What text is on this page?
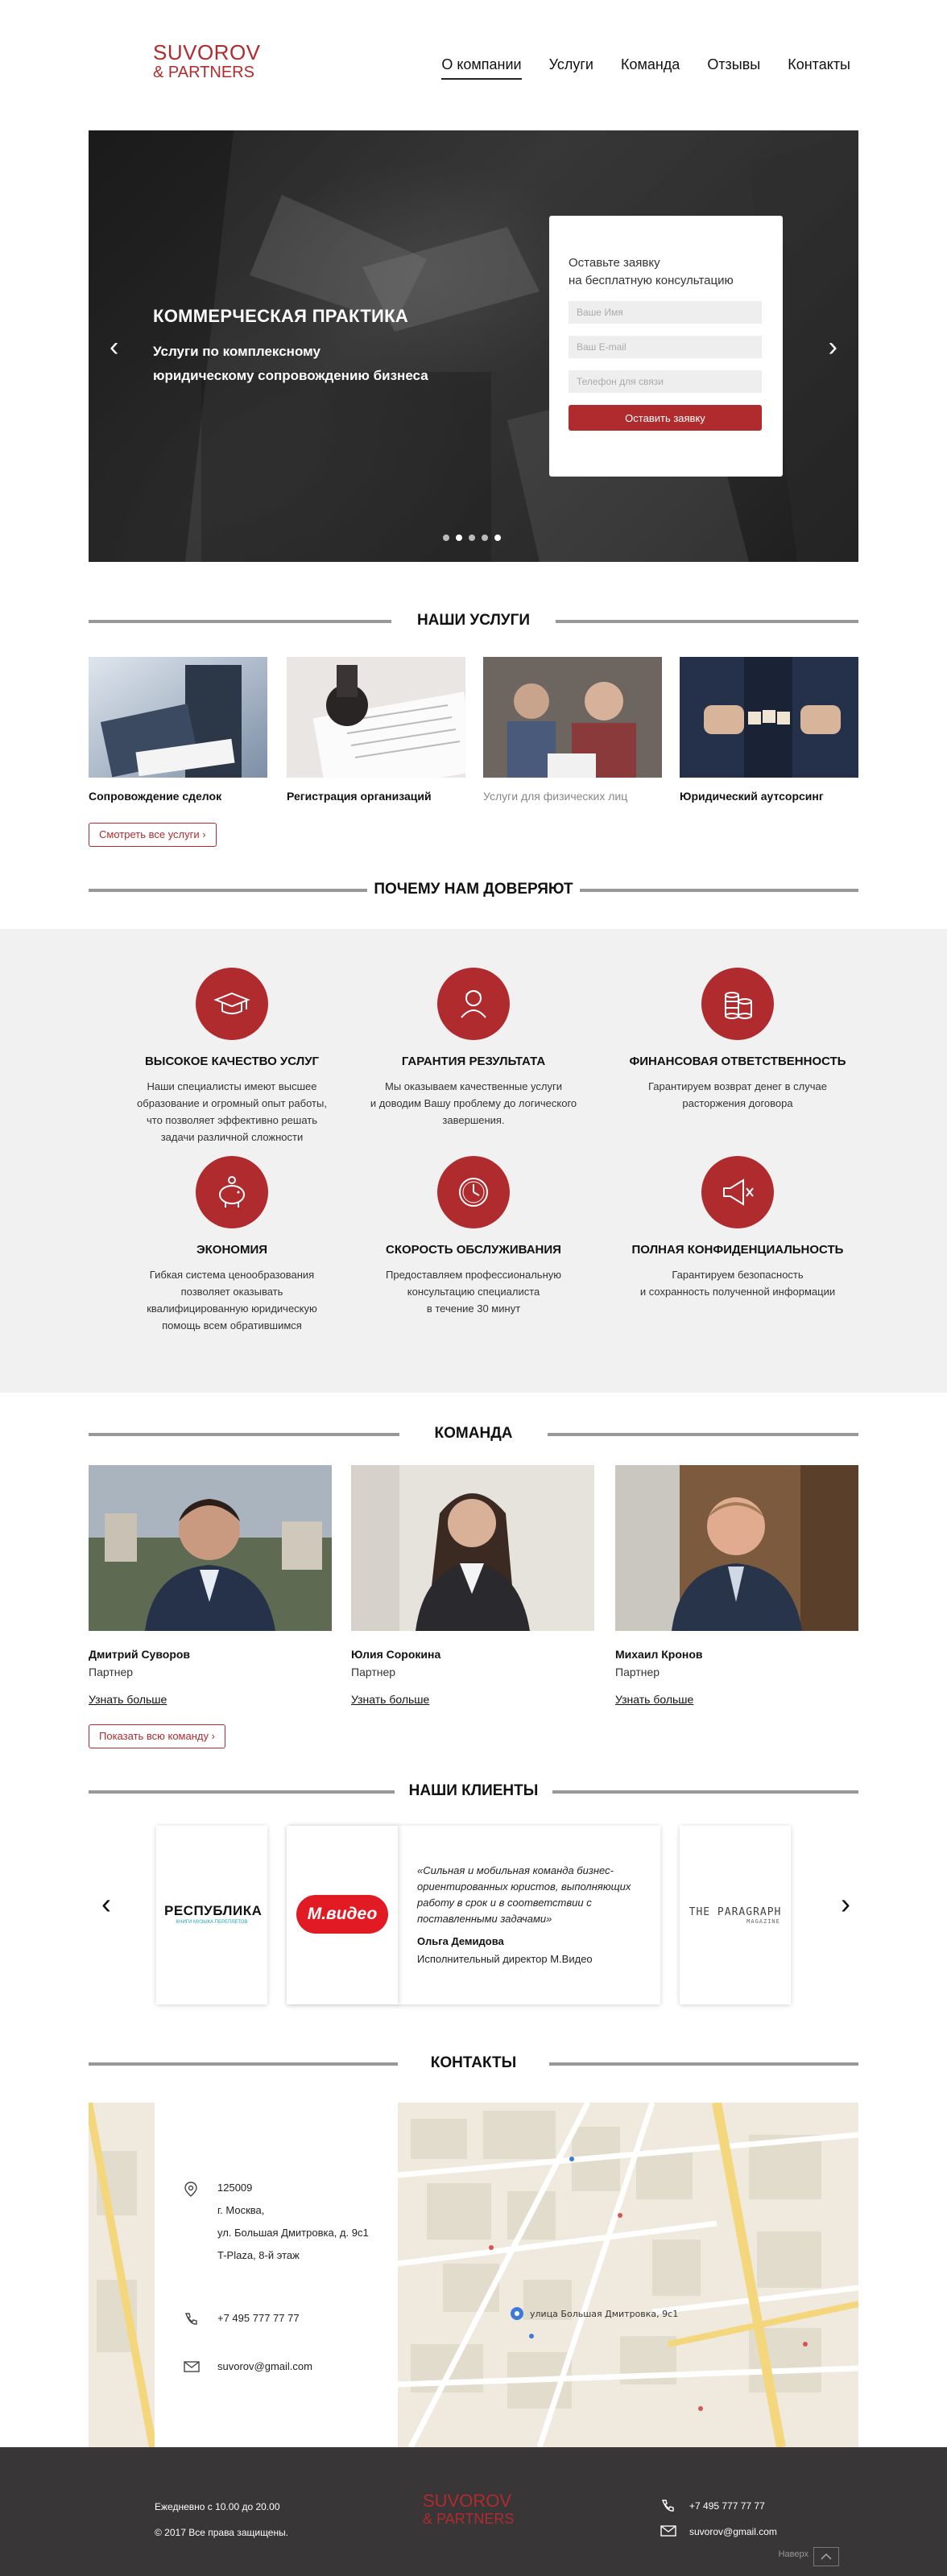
SUVOROV
& PARTNERS	О компании Услуги Команда Отзывы Контакты
‹	›
КОММЕРЧЕСКАЯ ПРАКТИКА
Услуги по комплексному
юридическому сопровождению бизнеса
Оставьте заявку
на бесплатную консультацию
Ваше Имя
Ваш E-mail
Телефон для связи
Оставить заявку
НАШИ УСЛУГИ
Сопровождение сделок	Регистрация организаций	Услуги для физических лиц	Юридический аутсорсинг
Смотреть все услуги ›
ПОЧЕМУ НАМ ДОВЕРЯЮТ
ВЫСОКОЕ КАЧЕСТВО УСЛУГ
Наши специалисты имеют высшее
образование и огромный опыт работы,
что позволяет эффективно решать
задачи различной сложности
ГАРАНТИЯ РЕЗУЛЬТАТА
Мы оказываем качественные услуги
и доводим Вашу проблему до логического
завершения.
ФИНАНСОВАЯ ОТВЕТСТВЕННОСТЬ
Гарантируем возврат денег в случае
расторжения договора
ЭКОНОМИЯ
Гибкая система ценообразования
позволяет оказывать
квалифицированную юридическую
помощь всем обратившимся
СКОРОСТЬ ОБСЛУЖИВАНИЯ
Предоставляем профессиональную
консультацию специалиста
в течение 30 минут
ПОЛНАЯ КОНФИДЕНЦИАЛЬНОСТЬ
Гарантируем безопасность
и сохранность полученной информации
КОМАНДА
Дмитрий Суворов
Партнер
Узнать больше
Юлия Сорокина
Партнер
Узнать больше
Михаил Кронов
Партнер
Узнать больше
Показать всю команду ›
НАШИ КЛИЕНТЫ
‹	›
РЕСПУБЛИКА
КНИГИ МУЗЫКА ПЕРЕПЛЕТОВ	М.видео
«Сильная и мобильная команда бизнес-ориентированных юристов, выполняющих работу в срок и в соответствии с поставленными задачами»
Ольга Демидова
Исполнительный директор М.Видео
THE PARAGRAPH
MAGAZINE
КОНТАКТЫ
улица Большая Дмитровка, 9с1
125009
г. Москва,
ул. Большая Дмитровка, д. 9с1
T-Plaza, 8-й этаж
+7 495 777 77 77
suvorov@gmail.com
Ежедневно с 10.00 до 20.00
© 2017 Все права защищены.
SUVOROV
& PARTNERS
+7 495 777 77 77
suvorov@gmail.com
Наверх
